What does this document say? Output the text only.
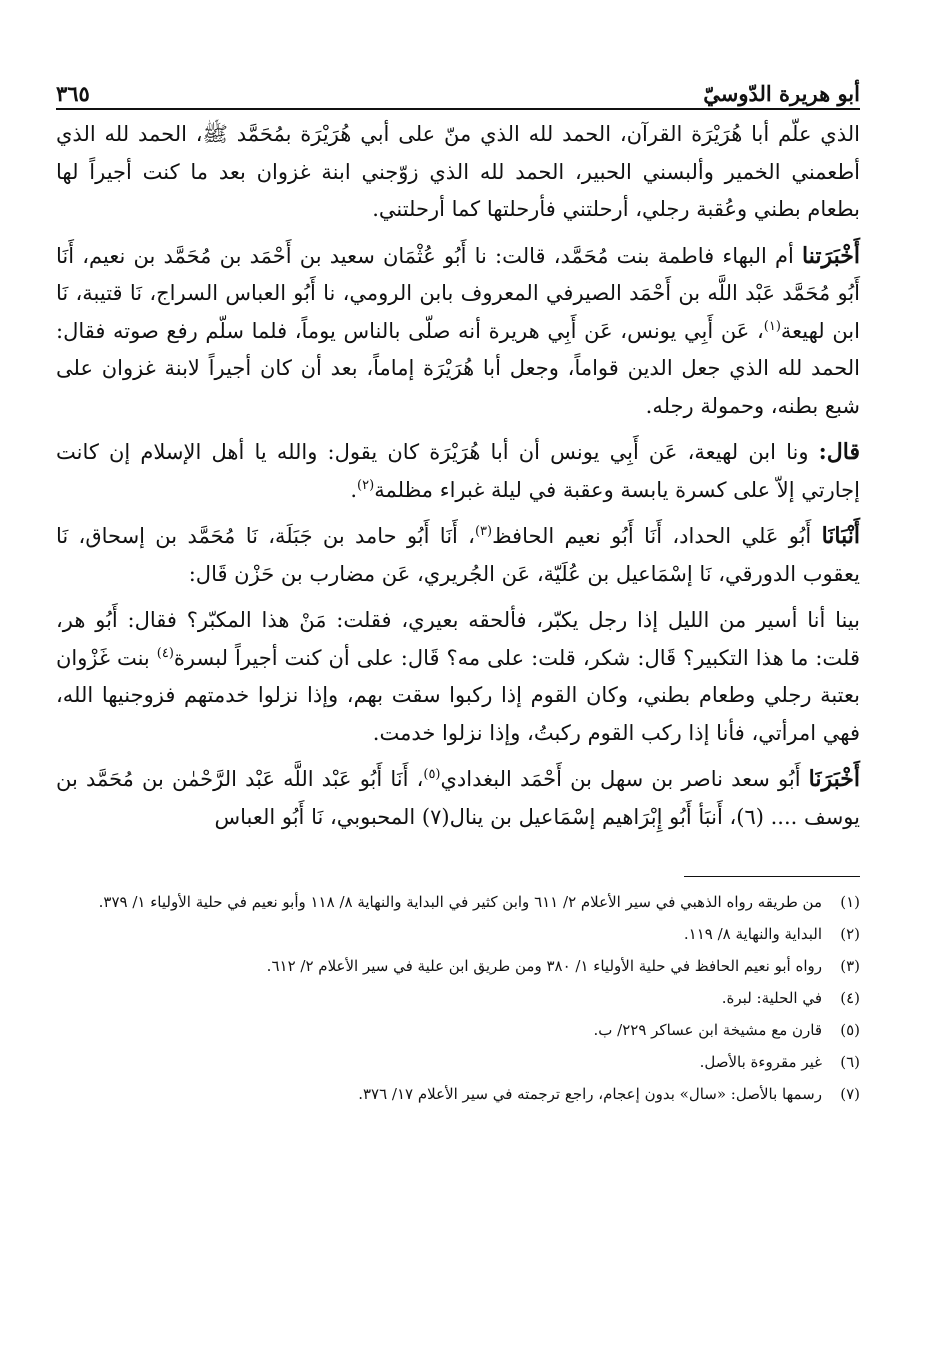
أبو هريرة الدّوسيّ
٣٦٥

الذي علّم أبا هُرَيْرَة القرآن، الحمد لله الذي منّ على أبي هُرَيْرَة بمُحَمَّد ﷺ، الحمد لله الذي أطعمني الخمير وألبسني الحبير، الحمد لله الذي زوّجني ابنة غزوان بعد ما كنت أجيراً لها بطعام بطني وعُقبة رجلي، أرحلتني فأرحلتها كما أرحلتني.

أَخْبَرَتنا أم البهاء فاطمة بنت مُحَمَّد، قالت: نا أَبُو عُثْمَان سعيد بن أَحْمَد بن مُحَمَّد بن نعيم، أَنَا أَبُو مُحَمَّد عَبْد اللَّه بن أَحْمَد الصيرفي المعروف بابن الرومي، نا أَبُو العباس السراج، نَا قتيبة، نَا ابن لهيعة$^{(١)}$، عَن أَبِي يونس، عَن أَبِي هريرة أنه صلّى بالناس يوماً، فلما سلّم رفع صوته فقال: الحمد لله الذي جعل الدين قواماً، وجعل أبا هُرَيْرَة إماماً، بعد أن كان أجيراً لابنة غزوان على شبع بطنه، وحمولة رجله.

قال: ونا ابن لهيعة، عَن أَبِي يونس أن أبا هُرَيْرَة كان يقول: والله يا أهل الإسلام إن كانت إجارتي إلاّ على كسرة يابسة وعقبة في ليلة غبراء مظلمة$^{(٢)}$.

أَنْبَانَا أَبُو عَلي الحداد، أَنَا أَبُو نعيم الحافظ$^{(٣)}$، أَنَا أَبُو حامد بن جَبَلَة، نَا مُحَمَّد بن إسحاق، نَا يعقوب الدورقي، نَا إسْمَاعيل بن عُلَيّة، عَن الجُريري، عَن مضارب بن حَزْن قَال:

بينا أنا أسير من الليل إذا رجل يكبّر، فألحقه بعيري، فقلت: مَنْ هذا المكبّر؟ فقال: أَبُو هر، قلت: ما هذا التكبير؟ قَال: شكر، قلت: على مه؟ قَال: على أن كنت أجيراً لبسرة$^{(٤)}$ بنت غَزْوان بعتبة رجلي وطعام بطني، وكان القوم إذا ركبوا سقت بهم، وإذا نزلوا خدمتهم فزوجنيها الله، فهي امرأتي، فأنا إذا ركب القوم ركبتُ، وإذا نزلوا خدمت.

أَخْبَرَنَا أَبُو سعد ناصر بن سهل بن أَحْمَد البغدادي$^{(٥)}$، أَنَا أَبُو عَبْد اللَّه عَبْد الرَّحْمٰن بن مُحَمَّد بن يوسف .... (٦)، أَنبَأ أَبُو إِبْرَاهيم إسْمَاعيل بن ينال(٧) المحبوبي، نَا أَبُو العباس

(١)
من طريقه رواه الذهبي في سير الأعلام ٢/ ٦١١ وابن كثير في البداية والنهاية ٨/ ١١٨ وأبو نعيم في حلية الأولياء ١/ ٣٧٩.
(٢)
البداية والنهاية ٨/ ١١٩.
(٣)
رواه أبو نعيم الحافظ في حلية الأولياء ١/ ٣٨٠ ومن طريق ابن علية في سير الأعلام ٢/ ٦١٢.
(٤)
في الحلية: لبرة.
(٥)
قارن مع مشيخة ابن عساكر ٢٢٩/ ب.
(٦)
غير مقروءة بالأصل.
(٧)
رسمها بالأصل: «سال» بدون إعجام، راجع ترجمته في سير الأعلام ١٧/ ٣٧٦.
